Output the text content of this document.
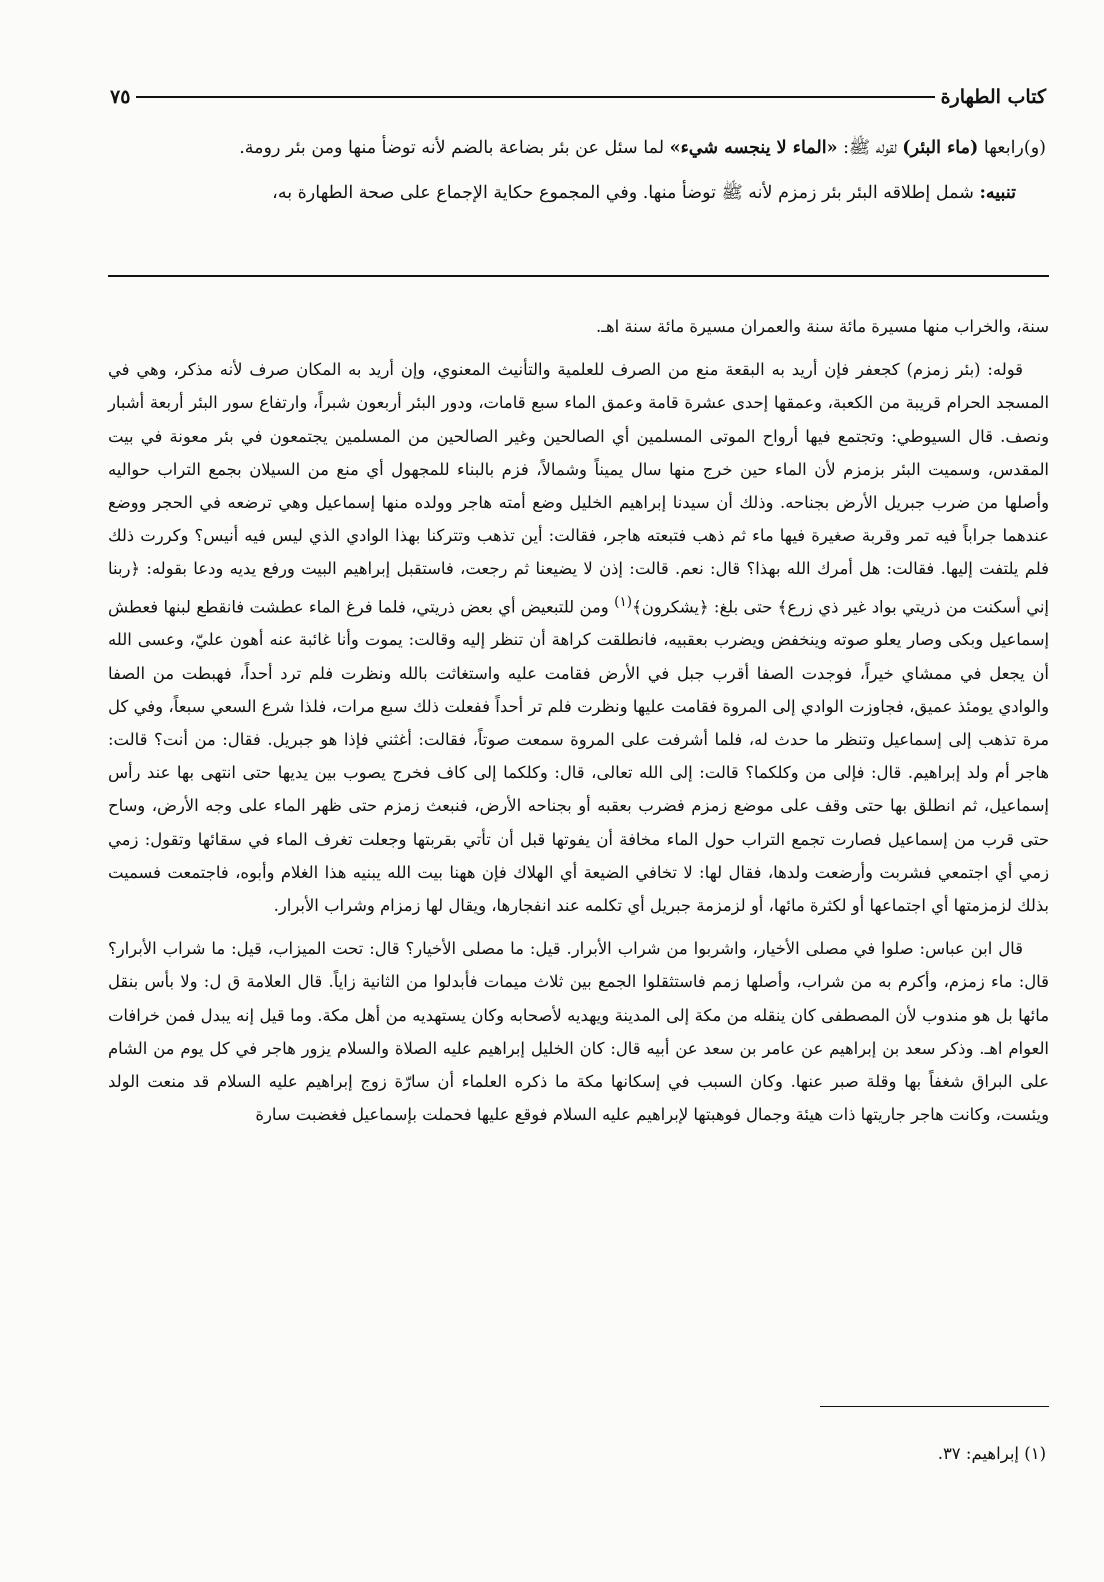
كتاب الطهارة
٧٥

(و)رابعها (ماء البئر) لقوله ﷺ: «الماء لا ينجسه شيء» لما سئل عن بئر بضاعة بالضم لأنه توضأ منها ومن بئر رومة.

تنبيه: شمل إطلاقه البئر بئر زمزم لأنه ﷺ توضأ منها. وفي المجموع حكاية الإجماع على صحة الطهارة به،

سنة، والخراب منها مسيرة مائة سنة والعمران مسيرة مائة سنة اهـ.

قوله: (بئر زمزم) كجعفر فإن أريد به البقعة منع من الصرف للعلمية والتأنيث المعنوي، وإن أريد به المكان صرف لأنه مذكر، وهي في المسجد الحرام قريبة من الكعبة، وعمقها إحدى عشرة قامة وعمق الماء سبع قامات، ودور البئر أربعون شبراً، وارتفاع سور البئر أربعة أشبار ونصف. قال السيوطي: وتجتمع فيها أرواح الموتى المسلمين أي الصالحين وغير الصالحين من المسلمين يجتمعون في بئر معونة في بيت المقدس، وسميت البئر بزمزم لأن الماء حين خرج منها سال يميناً وشمالاً، فزم بالبناء للمجهول أي منع من السيلان بجمع التراب حواليه وأصلها من ضرب جبريل الأرض بجناحه. وذلك أن سيدنا إبراهيم الخليل وضع أمته هاجر وولده منها إسماعيل وهي ترضعه في الحجر ووضع عندهما جراباً فيه تمر وقربة صغيرة فيها ماء ثم ذهب فتبعته هاجر، فقالت: أين تذهب وتتركنا بهذا الوادي الذي ليس فيه أنيس؟ وكررت ذلك فلم يلتفت إليها. فقالت: هل أمرك الله بهذا؟ قال: نعم. قالت: إذن لا يضيعنا ثم رجعت، فاستقبل إبراهيم البيت ورفع يديه ودعا بقوله: ﴿ربنا إني أسكنت من ذريتي بواد غير ذي زرع﴾ حتى بلغ: ﴿يشكرون﴾$^{(١)}$ ومن للتبعيض أي بعض ذريتي، فلما فرغ الماء عطشت فانقطع لبنها فعطش إسماعيل وبكى وصار يعلو صوته وينخفض ويضرب بعقبيه، فانطلقت كراهة أن تنظر إليه وقالت: يموت وأنا غائبة عنه أهون عليّ، وعسى الله أن يجعل في ممشاي خيراً، فوجدت الصفا أقرب جبل في الأرض فقامت عليه واستغاثت بالله ونظرت فلم ترد أحداً، فهبطت من الصفا والوادي يومئذ عميق، فجاوزت الوادي إلى المروة فقامت عليها ونظرت فلم تر أحداً ففعلت ذلك سبع مرات، فلذا شرع السعي سبعاً، وفي كل مرة تذهب إلى إسماعيل وتنظر ما حدث له، فلما أشرفت على المروة سمعت صوتاً، فقالت: أغثني فإذا هو جبريل. فقال: من أنت؟ قالت: هاجر أم ولد إبراهيم. قال: فإلى من وكلكما؟ قالت: إلى الله تعالى، قال: وكلكما إلى كاف فخرج يصوب بين يديها حتى انتهى بها عند رأس إسماعيل، ثم انطلق بها حتى وقف على موضع زمزم فضرب بعقبه أو بجناحه الأرض، فنبعث زمزم حتى ظهر الماء على وجه الأرض، وساح حتى قرب من إسماعيل فصارت تجمع التراب حول الماء مخافة أن يفوتها قبل أن تأتي بقربتها وجعلت تغرف الماء في سقائها وتقول: زمي زمي أي اجتمعي فشربت وأرضعت ولدها، فقال لها: لا تخافي الضيعة أي الهلاك فإن ههنا بيت الله يبنيه هذا الغلام وأبوه، فاجتمعت فسميت بذلك لزمزمتها أي اجتماعها أو لكثرة مائها، أو لزمزمة جبريل أي تكلمه عند انفجارها، ويقال لها زمزام وشراب الأبرار.

قال ابن عباس: صلوا في مصلى الأخيار، واشربوا من شراب الأبرار. قيل: ما مصلى الأخيار؟ قال: تحت الميزاب، قيل: ما شراب الأبرار؟ قال: ماء زمزم، وأكرم به من شراب، وأصلها زمم فاستثقلوا الجمع بين ثلاث ميمات فأبدلوا من الثانية زاياً. قال العلامة ق ل: ولا بأس بنقل مائها بل هو مندوب لأن المصطفى كان ينقله من مكة إلى المدينة ويهديه لأصحابه وكان يستهديه من أهل مكة. وما قيل إنه يبدل فمن خرافات العوام اهـ. وذكر سعد بن إبراهيم عن عامر بن سعد عن أبيه قال: كان الخليل إبراهيم عليه الصلاة والسلام يزور هاجر في كل يوم من الشام على البراق شغفاً بها وقلة صبر عنها. وكان السبب في إسكانها مكة ما ذكره العلماء أن سارّة زوج إبراهيم عليه السلام قد منعت الولد ويئست، وكانت هاجر جاريتها ذات هيئة وجمال فوهبتها لإبراهيم عليه السلام فوقع عليها فحملت بإسماعيل فغضبت سارة

(١) إبراهيم: ٣٧.
